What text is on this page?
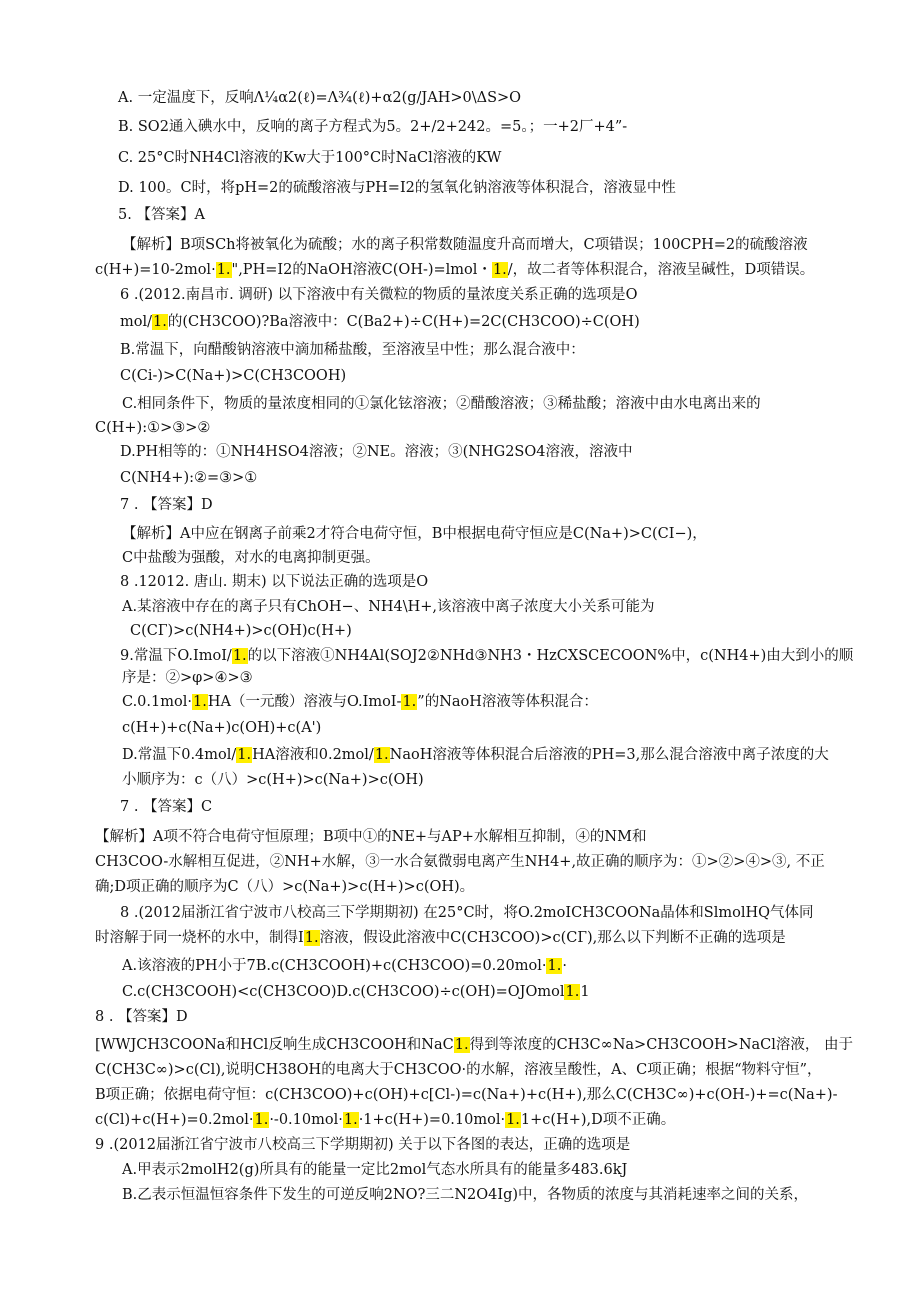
A. 一定温度下，反响Λ¼α2(ℓ)=Λ¾(ℓ)+α2(g/JAH>0\ΔS>O
B. SO2通入碘水中，反响的离子方程式为5。2+/2+242。=5。；一+2厂+4”-
C. 25°C时NH4Cl溶液的Kw大于100°C时NaCl溶液的KW
D. 100。C时，将pH=2的硫酸溶液与PH=I2的氢氧化钠溶液等体积混合，溶液显中性
5. 【答案】A
【解析】B项SCh将被氧化为硫酸；水的离子积常数随温度升高而增大，C项错误；100CPH=2的硫酸溶液
c(H+)=10-2mol·1.",PH=I2的NaOH溶液C(OH-)=lmol・1./，故二者等体积混合，溶液呈碱性，D项错误。
6 .(2012.南昌市. 调研) 以下溶液中有关微粒的物质的量浓度关系正确的选项是O
mol/1.的(CH3COO)?Ba溶液中：C(Ba2+)÷C(H+)=2C(CH3COO)÷C(OH)
B.常温下，向醋酸钠溶液中滴加稀盐酸，至溶液呈中性；那么混合液中：
C(Ci-)>C(Na+)>C(CH3COOH)
C.相同条件下，物质的量浓度相同的①氯化铉溶液；②醋酸溶液；③稀盐酸；溶液中由水电离出来的
C(H+):①>③>②
D.PH相等的：①NH4HSO4溶液；②NE。溶液；③(NHG2SO4溶液，溶液中
C(NH4+):②=③>①
7 . 【答案】D
【解析】A中应在钢离子前乘2才符合电荷守恒，B中根据电荷守恒应是C(Na+)>C(CI−)，
C中盐酸为强酸，对水的电离抑制更强。
8 .12012. 唐山. 期末) 以下说法正确的选项是O
A.某溶液中存在的离子只有ChOH−、NH4\H+,该溶液中离子浓度大小关系可能为
C(CГ)>c(NH4+)>c(OH)c(H+)
9.常温下O.ImoI/1.的以下溶液①NH4Al(SOJ2②NHd③NH3・HzCXSCECOON%中，c(NH4+)由大到小的顺
序是：②>φ>④>③
C.0.1mol·1.HA（一元酸）溶液与O.ImoI-1.”的NaoH溶液等体积混合：
c(H+)+c(Na+)c(OH)+c(A')
D.常温下0.4mol/1.HA溶液和0.2mol/1.NaoH溶液等体积混合后溶液的PH=3,那么混合溶液中离子浓度的大
小顺序为：c（八）>c(H+)>c(Na+)>c(OH)
7 . 【答案】C
【解析】A项不符合电荷守恒原理；B项中①的NE+与AP+水解相互抑制，④的NM和
CH3COO-水解相互促进，②NH+水解，③一水合氨微弱电离产生NH4+,故正确的顺序为：①>②>④>③, 不正
确;D项正确的顺序为C（八）>c(Na+)>c(H+)>c(OH)。
8 .(2012届浙江省宁波市八校高三下学期期初) 在25°C时，将O.2moICH3COONa晶体和SlmolHQ气体同
时溶解于同一烧杯的水中，制得I1.溶液，假设此溶液中C(CH3COO)>c(CГ),那么以下判断不正确的选项是
A.该溶液的PH小于7B.c(CH3COOH)+c(CH3COO)=0.20mol·1.·
C.c(CH3COOH)<c(CH3COO)D.c(CH3COO)÷c(OH)=OJOmol1.1
8 . 【答案】D
[WWJCH3COONa和HCl反响生成CH3COOH和NaC1.得到等浓度的CH3C∞Na>CH3COOH>NaCl溶液， 由于
C(CH3C∞)>c(Cl),说明CH38OH的电离大于CH3COO·的水解，溶液呈酸性，A、C项正确；根据“物料守恒”，
B项正确；依据电荷守恒：c(CH3COO)+c(OH)+c[Cl-)=c(Na+)+c(H+),那么C(CH3C∞)+c(OH-)+=c(Na+)-
c(Cl)+c(H+)=0.2mol·1.·-0.10mol·1.·1+c(H+)=0.10mol·1.1+c(H+),D项不正确。
9 .(2012届浙江省宁波市八校高三下学期期初) 关于以下各图的表达，正确的选项是
A.甲表示2molH2(g)所具有的能量一定比2mol气态水所具有的能量多483.6kJ
B.乙表示恒温恒容条件下发生的可逆反响2NO?三二N2O4Ig)中，各物质的浓度与其消耗速率之间的关系，
